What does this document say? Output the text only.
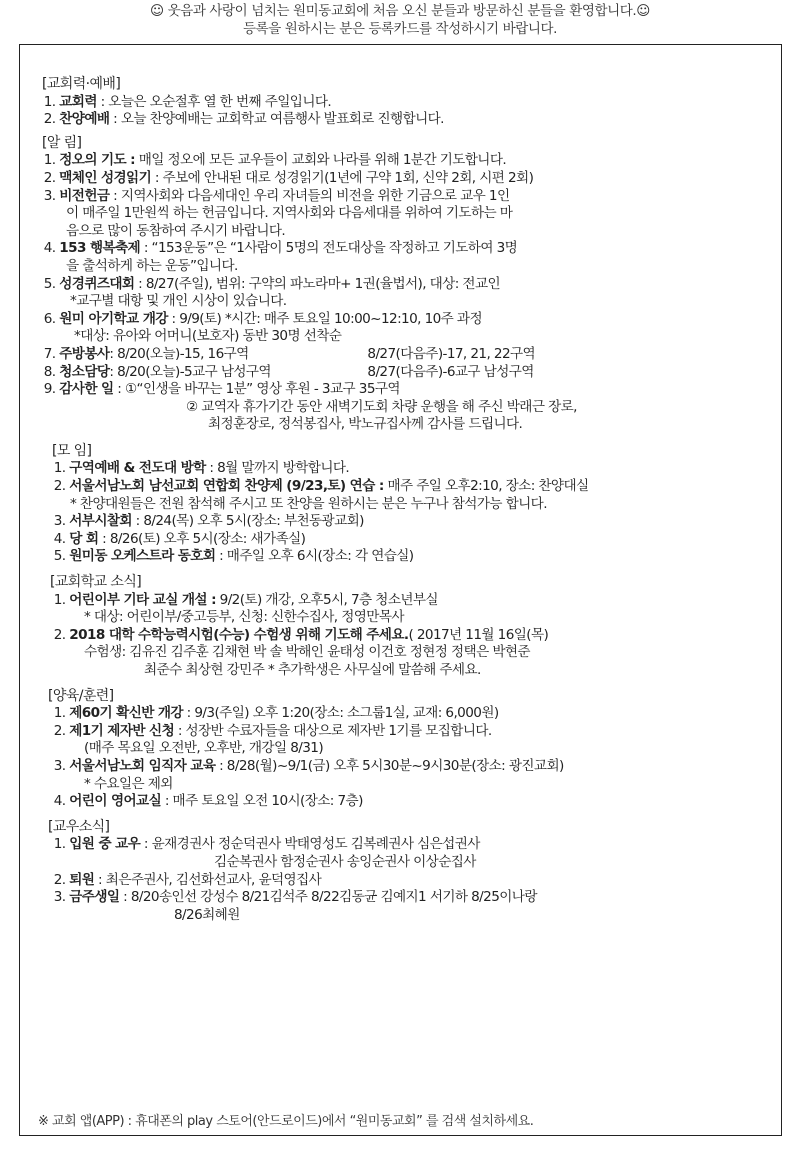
☺ 웃음과 사랑이 넘치는 원미동교회에 처음 오신 분들과 방문하신 분들을 환영합니다.☺
등록을 원하시는 분은 등록카드를 작성하시기 바랍니다.
[교회력·예배]
1. 교회력 : 오늘은 오순절후 열 한 번째 주일입니다.
2. 찬양예배 : 오늘 찬양예배는 교회학교 여름행사 발표회로 진행합니다.
[알 림]
1. 정오의 기도 : 매일 정오에 모든 교우들이 교회와 나라를 위해 1분간 기도합니다.
2. 맥체인 성경읽기 : 주보에 안내된 대로 성경읽기(1년에 구약 1회, 신약 2회, 시편 2회)
3. 비전헌금 : 지역사회와 다음세대인 우리 자녀들의 비전을 위한 기금으로 교우 1인
이 매주일 1만원씩 하는 헌금입니다. 지역사회와 다음세대를 위하여 기도하는 마
음으로 많이 동참하여 주시기 바랍니다.
4. 153 행복축제 : “153운동”은 “1사람이 5명의 전도대상을 작정하고 기도하여 3명
을 출석하게 하는 운동”입니다.
5. 성경퀴즈대회 : 8/27(주일), 범위: 구약의 파노라마+ 1권(율법서), 대상: 전교인
*교구별 대항 및 개인 시상이 있습니다.
6. 원미 아기학교 개강 : 9/9(토) *시간: 매주 토요일 10:00~12:10, 10주 과정
*대상: 유아와 어머니(보호자) 동반 30명 선착순
7. 주방봉사: 8/20(오늘)-15, 16구역	8/27(다음주)-17, 21, 22구역
8. 청소담당: 8/20(오늘)-5교구 남성구역	8/27(다음주)-6교구 남성구역
9. 감사한 일 : ①“인생을 바꾸는 1분” 영상 후원 - 3교구 35구역
② 교역자 휴가기간 동안 새벽기도회 차량 운행을 해 주신 박래근 장로,
최정훈장로, 정석봉집사, 박노규집사께 감사를 드립니다.
[모 임]
1. 구역예배 & 전도대 방학 : 8월 말까지 방학합니다.
2. 서울서남노회 남선교회 연합회 찬양제 (9/23,토) 연습 : 매주 주일 오후2:10, 장소: 찬양대실
* 찬양대원들은 전원 참석해 주시고 또 찬양을 원하시는 분은 누구나 참석가능 합니다.
3. 서부시찰회 : 8/24(목) 오후 5시(장소: 부천동광교회)
4. 당 회 : 8/26(토) 오후 5시(장소: 새가족실)
5. 원미동 오케스트라 동호회 : 매주일 오후 6시(장소: 각 연습실)
[교회학교 소식]
1. 어린이부 기타 교실 개설 : 9/2(토) 개강, 오후5시, 7층 청소년부실
* 대상: 어린이부/중고등부, 신청: 신한수집사, 정영만목사
2. 2018 대학 수학능력시험(수능) 수험생 위해 기도해 주세요.( 2017년 11월 16일(목)
수험생: 김유진 김주훈 김채현 박 솔 박해인 윤태성 이건호 정현정 정택은 박현준
최준수 최상현 강민주 * 추가학생은 사무실에 말씀해 주세요.
[양육/훈련]
1. 제60기 확신반 개강 : 9/3(주일) 오후 1:20(장소: 소그룹1실, 교재: 6,000원)
2. 제1기 제자반 신청 : 성장반 수료자들을 대상으로 제자반 1기를 모집합니다.
(매주 목요일 오전반, 오후반, 개강일 8/31)
3. 서울서남노회 임직자 교육 : 8/28(월)~9/1(금) 오후 5시30분~9시30분(장소: 광진교회)
* 수요일은 제외
4. 어린이 영어교실 : 매주 토요일 오전 10시(장소: 7층)
[교우소식]
1. 입원 중 교우 : 윤재경권사 정순덕권사 박태영성도 김복례권사 심은섭권사
김순복권사 함정순권사 송잉순권사 이상순집사
2. 퇴원 : 최은주권사, 김선화선교사, 윤덕영집사
3. 금주생일 : 8/20송인선 강성수 8/21김석주 8/22김동균 김예지1 서기하 8/25이나랑
8/26최혜원
※ 교회 앱(APP) : 휴대폰의 play 스토어(안드로이드)에서 “원미동교회” 를 검색 설치하세요.
